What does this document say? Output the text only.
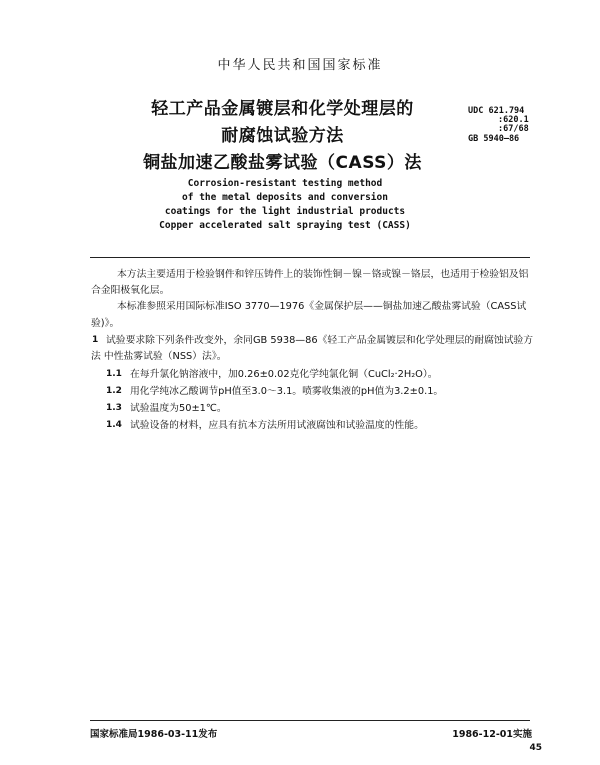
中华人民共和国国家标准
轻工产品金属镀层和化学处理层的
耐腐蚀试验方法
铜盐加速乙酸盐雾试验（CASS）法
UDC 621.794
:620.1
:67/68
GB 5940—86
Corrosion-resistant testing method
of the metal deposits and conversion
coatings for the light industrial products
Copper accelerated salt spraying test (CASS)
本方法主要适用于检验钢件和锌压铸件上的装饰性铜－镍－铬或镍－铬层，也适用于检验铝及铝
合金阳极氧化层。
本标准参照采用国际标准ISO 3770—1976《金属保护层——铜盐加速乙酸盐雾试验（CASS试
验)》。
1 试验要求除下列条件改变外，余同GB 5938—86《轻工产品金属镀层和化学处理层的耐腐蚀试验方
法 中性盐雾试验（NSS）法》。
1.1 在每升氯化钠溶液中，加0.26±0.02克化学纯氯化铜（CuCl₂·2H₂O）。
1.2 用化学纯冰乙酸调节pH值至3.0～3.1。喷雾收集液的pH值为3.2±0.1。
1.3 试验温度为50±1℃。
1.4 试验设备的材料，应具有抗本方法所用试液腐蚀和试验温度的性能。
国家标准局1986-03-11发布	1986-12-01实施
45
